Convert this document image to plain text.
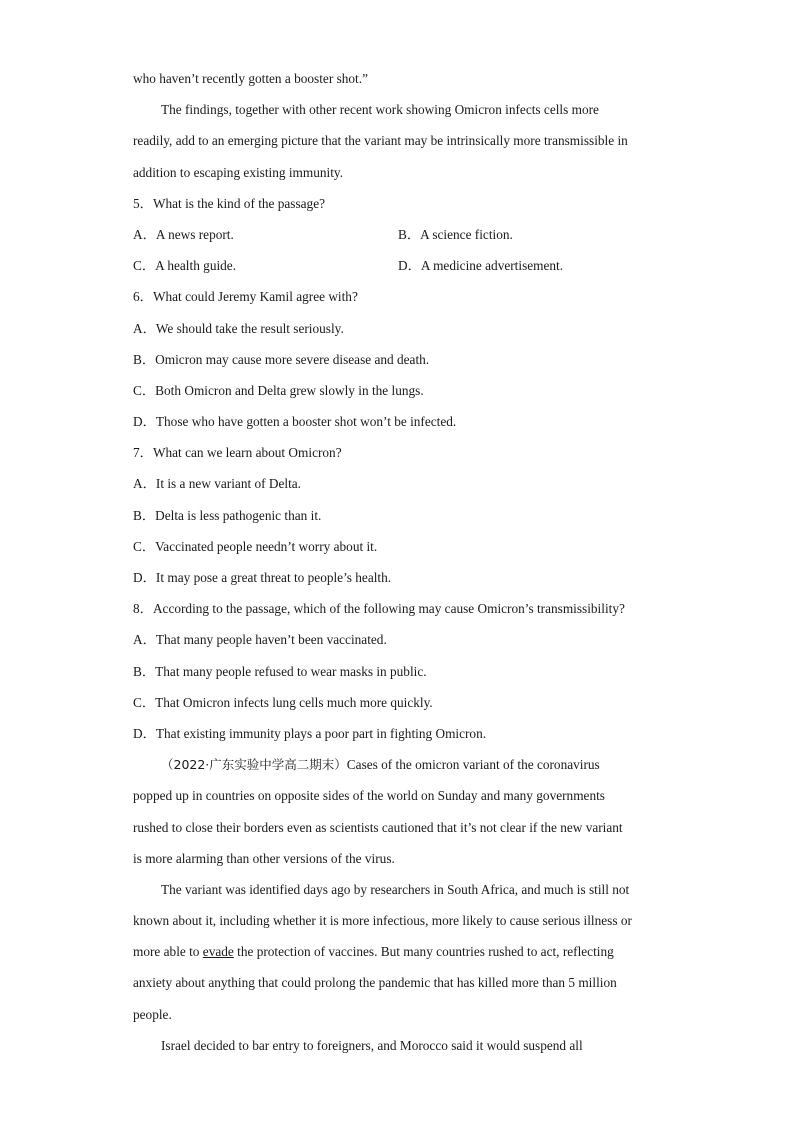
who haven’t recently gotten a booster shot.”

The findings, together with other recent work showing Omicron infects cells more

readily, add to an emerging picture that the variant may be intrinsically more transmissible in

addition to escaping existing immunity.

5．What is the kind of the passage?

A．A news report.	B．A science fiction.
C．A health guide.	D．A medicine advertisement.

6．What could Jeremy Kamil agree with?

A．We should take the result seriously.

B．Omicron may cause more severe disease and death.

C．Both Omicron and Delta grew slowly in the lungs.

D．Those who have gotten a booster shot won’t be infected.

7．What can we learn about Omicron?

A．It is a new variant of Delta.

B．Delta is less pathogenic than it.

C．Vaccinated people needn’t worry about it.

D．It may pose a great threat to people’s health.

8．According to the passage, which of the following may cause Omicron’s transmissibility?

A．That many people haven’t been vaccinated.

B．That many people refused to wear masks in public.

C．That Omicron infects lung cells much more quickly.

D．That existing immunity plays a poor part in fighting Omicron.

（2022·广东实验中学高二期末）Cases of the omicron variant of the coronavirus

popped up in countries on opposite sides of the world on Sunday and many governments

rushed to close their borders even as scientists cautioned that it’s not clear if the new variant

is more alarming than other versions of the virus.

The variant was identified days ago by researchers in South Africa, and much is still not

known about it, including whether it is more infectious, more likely to cause serious illness or

more able to evade the protection of vaccines. But many countries rushed to act, reflecting

anxiety about anything that could prolong the pandemic that has killed more than 5 million

people.

Israel decided to bar entry to foreigners, and Morocco said it would suspend all
